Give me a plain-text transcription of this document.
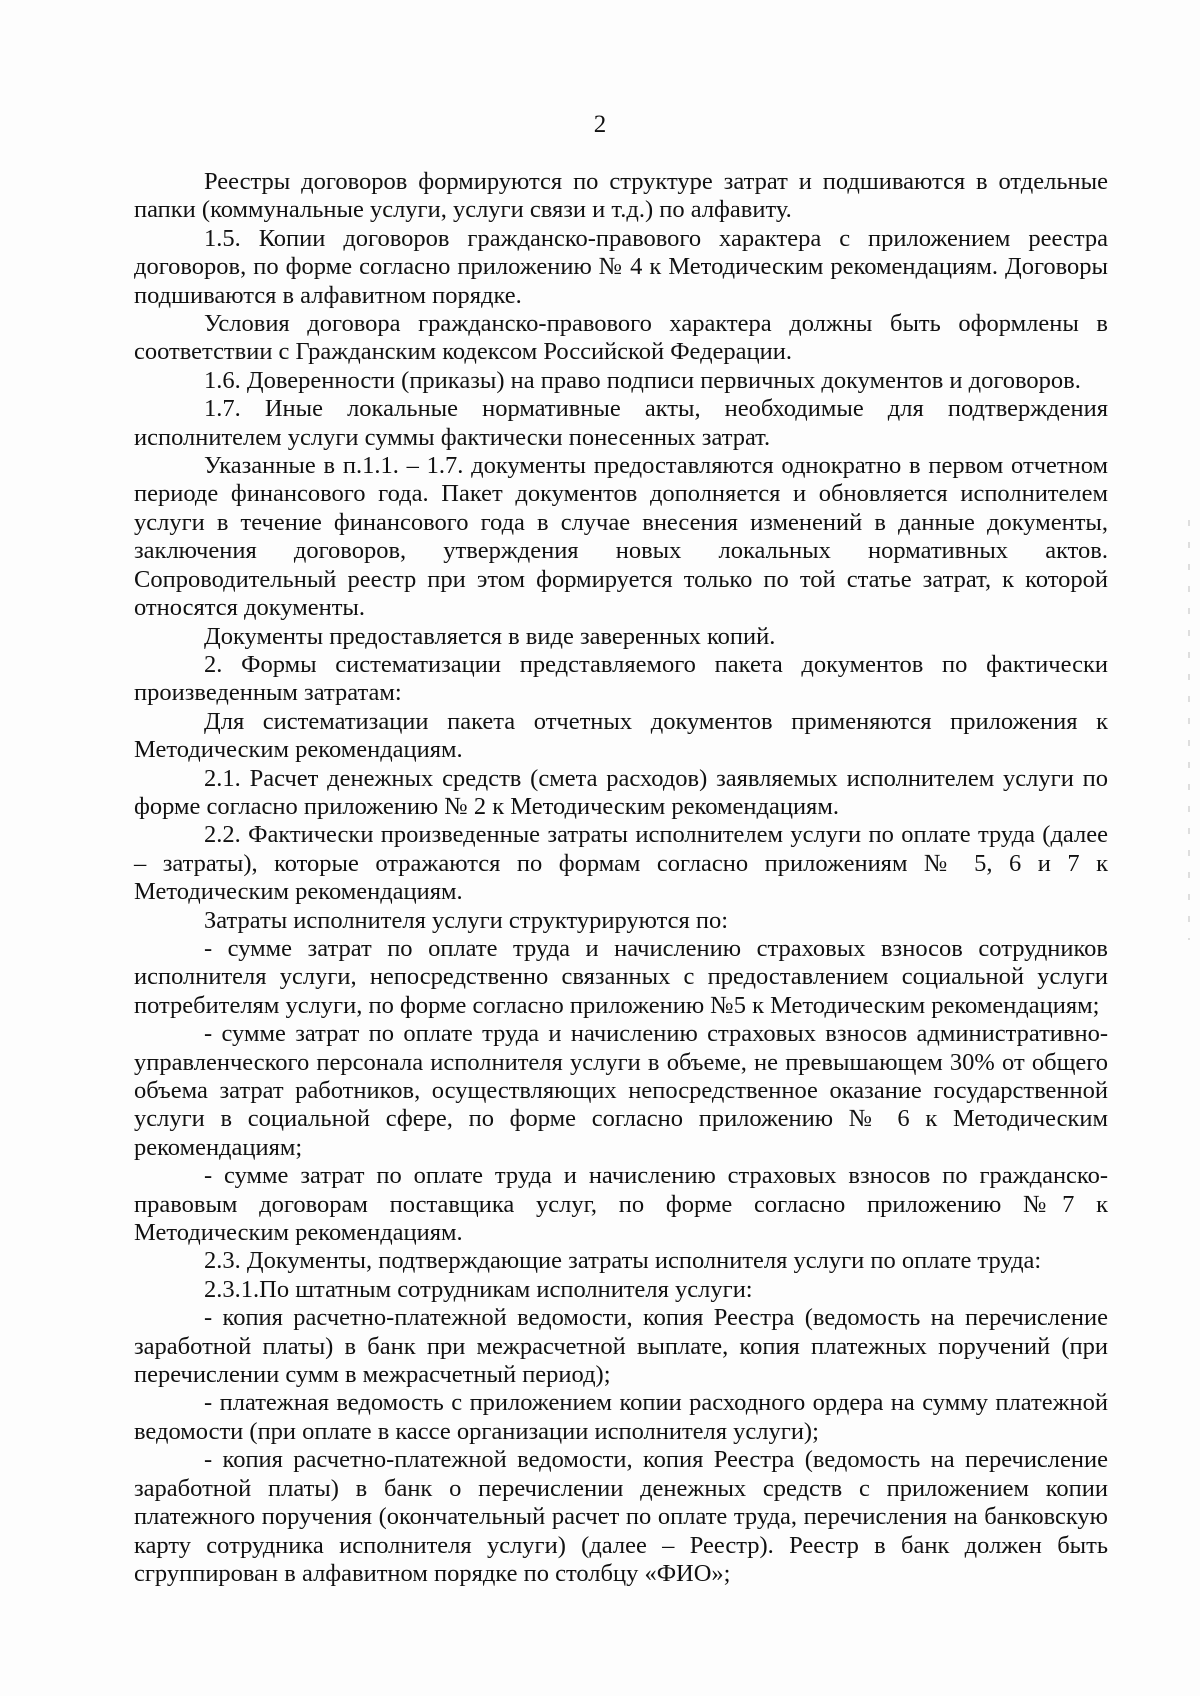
2

Реестры договоров формируются по структуре затрат и подшиваются в отдельные папки (коммунальные услуги, услуги связи и т.д.) по алфавиту.

1.5. Копии договоров гражданско-правового характера с приложением реестра договоров, по форме согласно приложению № 4 к Методическим рекомендациям. Договоры подшиваются в алфавитном порядке.

Условия договора гражданско-правового характера должны быть оформлены в соответствии с Гражданским кодексом Российской Федерации.

1.6. Доверенности (приказы) на право подписи первичных документов и договоров.

1.7. Иные локальные нормативные акты, необходимые для подтверждения исполнителем услуги суммы фактически понесенных затрат.

Указанные в п.1.1. – 1.7. документы предоставляются однократно в первом отчетном периоде финансового года. Пакет документов дополняется и обновляется исполнителем услуги в течение финансового года в случае внесения изменений в данные документы, заключения договоров, утверждения новых локальных нормативных актов. Сопроводительный реестр при этом формируется только по той статье затрат, к которой относятся документы.

Документы предоставляется в виде заверенных копий.

2. Формы систематизации представляемого пакета документов по фактически произведенным затратам:

Для систематизации пакета отчетных документов применяются приложения к Методическим рекомендациям.

2.1. Расчет денежных средств (смета расходов) заявляемых исполнителем услуги по форме согласно приложению № 2 к Методическим рекомендациям.

2.2. Фактически произведенные затраты исполнителем услуги по оплате труда (далее – затраты), которые отражаются по формам согласно приложениям № 5, 6 и 7 к Методическим рекомендациям.

Затраты исполнителя услуги структурируются по:

- сумме затрат по оплате труда и начислению страховых взносов сотрудников исполнителя услуги, непосредственно связанных с предоставлением социальной услуги потребителям услуги, по форме согласно приложению №5 к Методическим рекомендациям;

- сумме затрат по оплате труда и начислению страховых взносов административно-управленческого персонала исполнителя услуги в объеме, не превышающем 30% от общего объема затрат работников, осуществляющих непосредственное оказание государственной услуги в социальной сфере, по форме согласно приложению № 6 к Методическим рекомендациям;

- сумме затрат по оплате труда и начислению страховых взносов по гражданско-правовым договорам поставщика услуг, по форме согласно приложению №7 к Методическим рекомендациям.

2.3. Документы, подтверждающие затраты исполнителя услуги по оплате труда:

2.3.1.По штатным сотрудникам исполнителя услуги:

- копия расчетно-платежной ведомости, копия Реестра (ведомость на перечисление заработной платы) в банк при межрасчетной выплате, копия платежных поручений (при перечислении сумм в межрасчетный период);

- платежная ведомость с приложением копии расходного ордера на сумму платежной ведомости (при оплате в кассе организации исполнителя услуги);

- копия расчетно-платежной ведомости, копия Реестра (ведомость на перечисление заработной платы) в банк о перечислении денежных средств с приложением копии платежного поручения (окончательный расчет по оплате труда, перечисления на банковскую карту сотрудника исполнителя услуги) (далее – Реестр). Реестр в банк должен быть сгруппирован в алфавитном порядке по столбцу «ФИО»;
